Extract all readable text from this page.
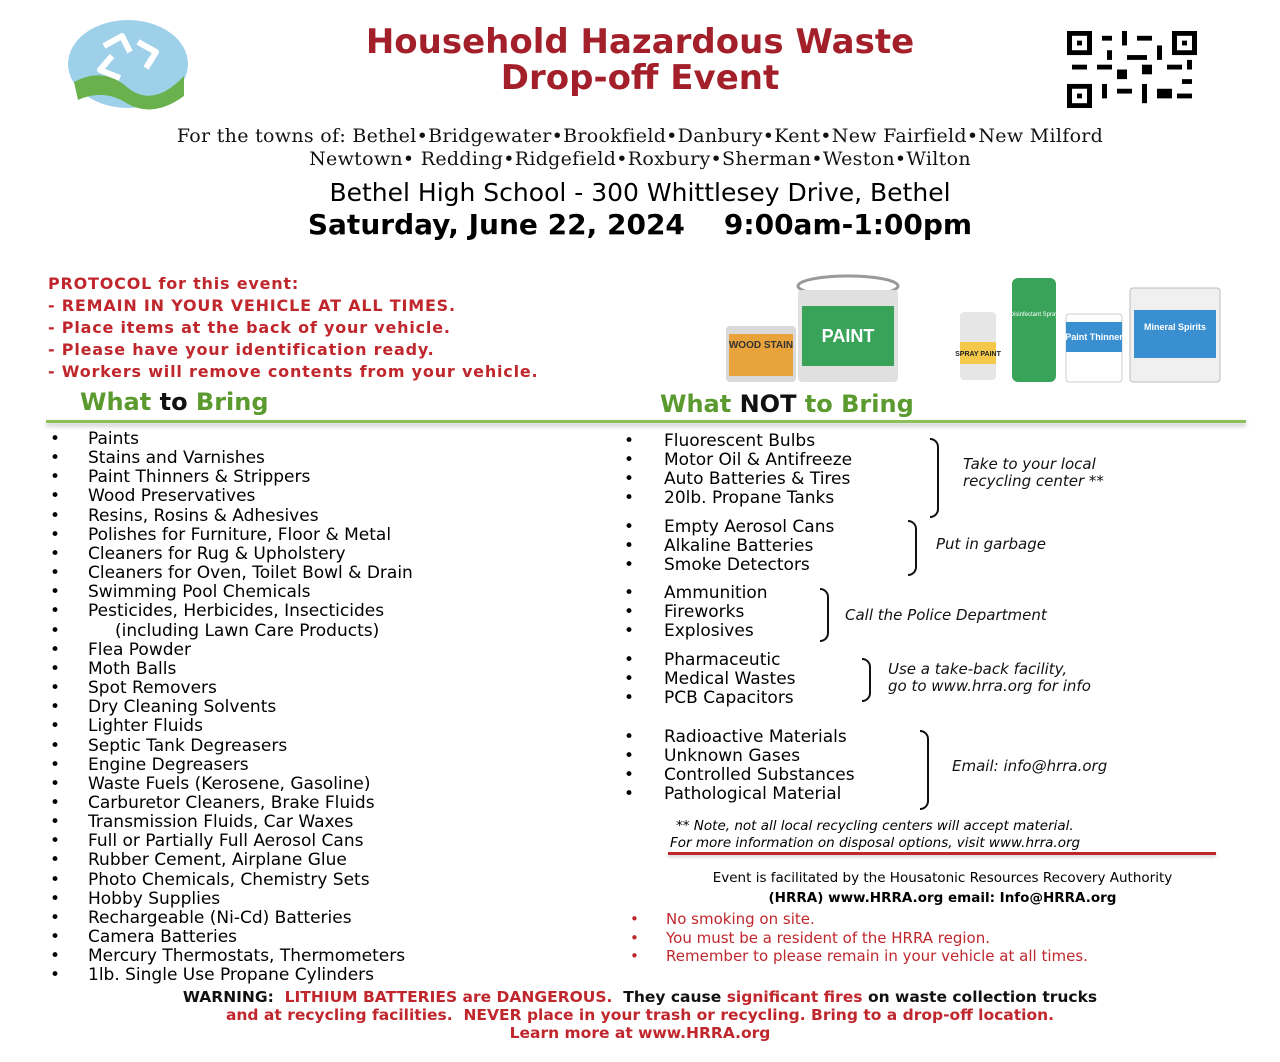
Household Hazardous Waste
Drop-off Event
For the towns of: Bethel•Bridgewater•Brookfield•Danbury•Kent•New Fairfield•New Milford
Newtown• Redding•Ridgefield•Roxbury•Sherman•Weston•Wilton
Bethel High School - 300 Whittlesey Drive, Bethel
Saturday, June 22, 2024 9:00am-1:00pm
PROTOCOL for this event:
- REMAIN IN YOUR VEHICLE AT ALL TIMES.
- Place items at the back of your vehicle.
- Please have your identification ready.
- Workers will remove contents from your vehicle.
WOOD STAIN PAINT
SPRAY PAINT
Disinfectant Spray
Paint Thinner
Mineral Spirits
What to Bring	What NOT to Bring
• Paints
• Stains and Varnishes
• Paint Thinners & Strippers
• Wood Preservatives
• Resins, Rosins & Adhesives
• Polishes for Furniture, Floor & Metal
• Cleaners for Rug & Upholstery
• Cleaners for Oven, Toilet Bowl & Drain
• Swimming Pool Chemicals
• Pesticides, Herbicides, Insecticides
•	(including Lawn Care Products)
• Flea Powder
• Moth Balls
• Spot Removers
• Dry Cleaning Solvents
• Lighter Fluids
• Septic Tank Degreasers
• Engine Degreasers
• Waste Fuels (Kerosene, Gasoline)
• Carburetor Cleaners, Brake Fluids
• Transmission Fluids, Car Waxes
• Full or Partially Full Aerosol Cans
• Rubber Cement, Airplane Glue
• Photo Chemicals, Chemistry Sets
• Hobby Supplies
• Rechargeable (Ni-Cd) Batteries
• Camera Batteries
• Mercury Thermostats, Thermometers
• 1lb. Single Use Propane Cylinders
• Fluorescent Bulbs
• Motor Oil & Antifreeze
• Auto Batteries & Tires
• 20lb. Propane Tanks
Take to your local
recycling center **
• Empty Aerosol Cans
• Alkaline Batteries
• Smoke Detectors
Put in garbage
• Ammunition
• Fireworks
• Explosives
Call the Police Department
• Pharmaceutic
• Medical Wastes
• PCB Capacitors
Use a take-back facility,
go to www.hrra.org for info
• Radioactive Materials
• Unknown Gases
• Controlled Substances
• Pathological Material
Email: info@hrra.org
** Note, not all local recycling centers will accept material.
For more information on disposal options, visit www.hrra.org
Event is facilitated by the Housatonic Resources Recovery Authority
(HRRA) www.HRRA.org email: Info@HRRA.org
• No smoking on site.
• You must be a resident of the HRRA region.
• Remember to please remain in your vehicle at all times.
WARNING: LITHIUM BATTERIES are DANGEROUS. They cause significant fires on waste collection trucks
and at recycling facilities. NEVER place in your trash or recycling. Bring to a drop-off location.
Learn more at www.HRRA.org
